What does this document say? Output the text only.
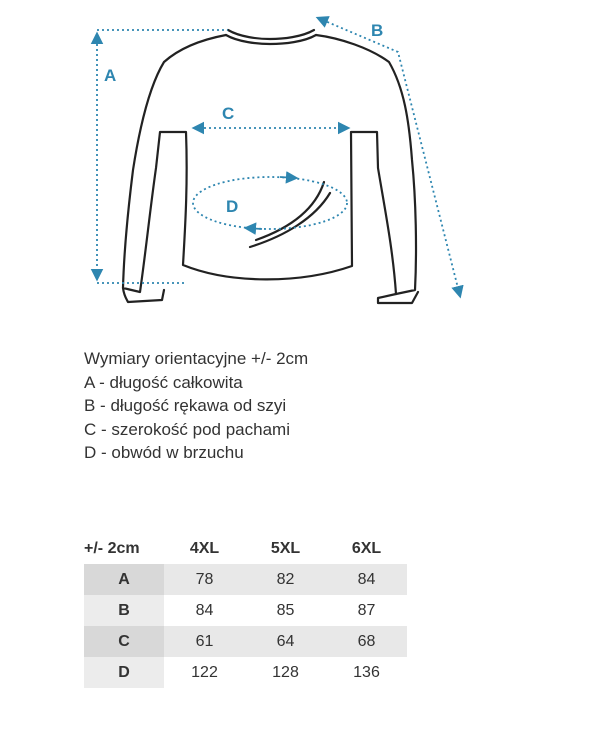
A
B
C
D
Wymiary orientacyjne +/- 2cm
A - długość całkowita
B - długość rękawa od szyi
C - szerokość pod pachami
D - obwód w brzuchu
+/- 2cm	4XL	5XL	6XL
A	78	82	84
B	84	85	87
C	61	64	68
D	122	128	136
